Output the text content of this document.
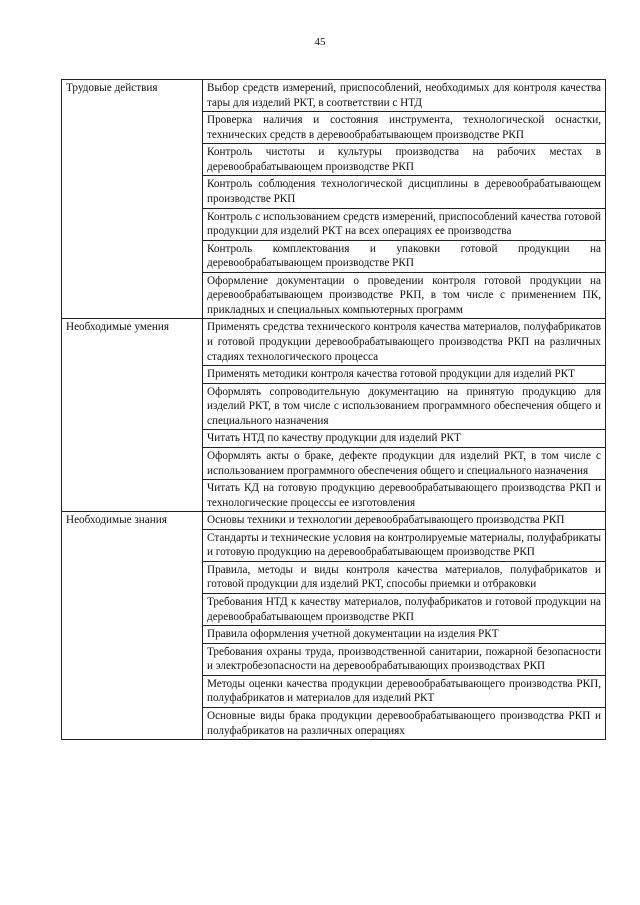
45
Трудовые действия	Выбор средств измерений, приспособлений, необходимых для контроля качества тары для изделий РКТ, в соответствии с НТД
	Проверка наличия и состояния инструмента, технологической оснастки, технических средств в деревообрабатывающем производстве РКП
	Контроль чистоты и культуры производства на рабочих местах в деревообрабатывающем производстве РКП
	Контроль соблюдения технологической дисциплины в деревообрабатывающем производстве РКП
	Контроль с использованием средств измерений, приспособлений качества готовой продукции для изделий РКТ на всех операциях ее производства
	Контроль комплектования и упаковки готовой продукции на деревообрабатывающем производстве РКП
	Оформление документации о проведении контроля готовой продукции на деревообрабатывающем производстве РКП, в том числе с применением ПК, прикладных и специальных компьютерных программ
Необходимые умения	Применять средства технического контроля качества материалов, полуфабрикатов и готовой продукции деревообрабатывающего производства РКП на различных стадиях технологического процесса
	Применять методики контроля качества готовой продукции для изделий РКТ
	Оформлять сопроводительную документацию на принятую продукцию для изделий РКТ, в том числе с использованием программного обеспечения общего и специального назначения
	Читать НТД по качеству продукции для изделий РКТ
	Оформлять акты о браке, дефекте продукции для изделий РКТ, в том числе с использованием программного обеспечения общего и специального назначения
	Читать КД на готовую продукцию деревообрабатывающего производства РКП и технологические процессы ее изготовления
Необходимые знания	Основы техники и технологии деревообрабатывающего производства РКП
	Стандарты и технические условия на контролируемые материалы, полуфабрикаты и готовую продукцию на деревообрабатывающем производстве РКП
	Правила, методы и виды контроля качества материалов, полуфабрикатов и готовой продукции для изделий РКТ, способы приемки и отбраковки
	Требования НТД к качеству материалов, полуфабрикатов и готовой продукции на деревообрабатывающем производстве РКП
	Правила оформления учетной документации на изделия РКТ
	Требования охраны труда, производственной санитарии, пожарной безопасности и электробезопасности на деревообрабатывающих производствах РКП
	Методы оценки качества продукции деревообрабатывающего производства РКП, полуфабрикатов и материалов для изделий РКТ
	Основные виды брака продукции деревообрабатывающего производства РКП и полуфабрикатов на различных операциях
